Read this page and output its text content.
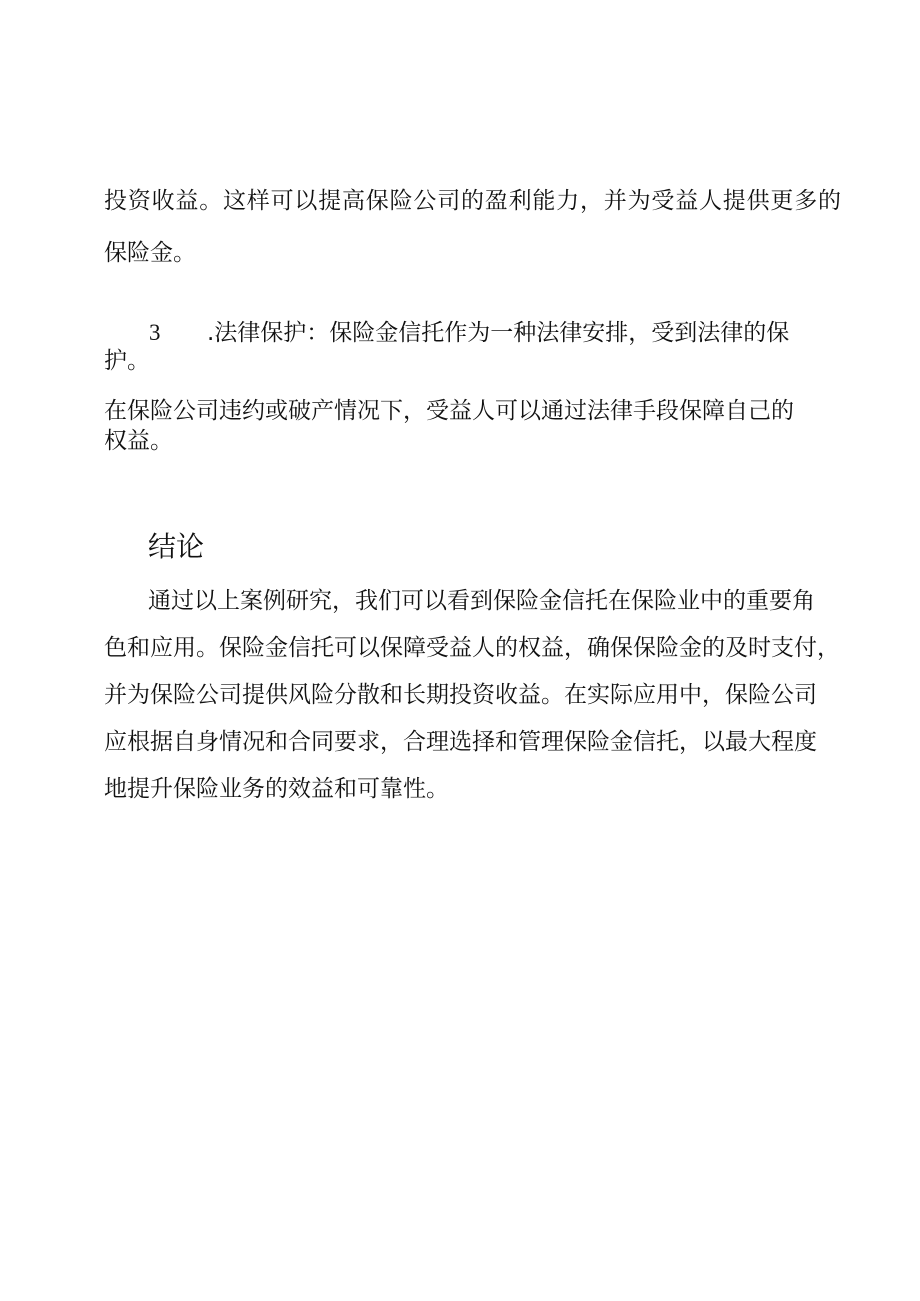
投资收益。这样可以提高保险公司的盈利能力，并为受益人提供更多的

保险金。

3 .法律保护：保险金信托作为一种法律安排，受到法律的保

护。

在保险公司违约或破产情况下，受益人可以通过法律手段保障自己的

权益。

结论

通过以上案例研究，我们可以看到保险金信托在保险业中的重要角

色和应用。保险金信托可以保障受益人的权益，确保保险金的及时支付，

并为保险公司提供风险分散和长期投资收益。在实际应用中，保险公司

应根据自身情况和合同要求，合理选择和管理保险金信托，以最大程度

地提升保险业务的效益和可靠性。
